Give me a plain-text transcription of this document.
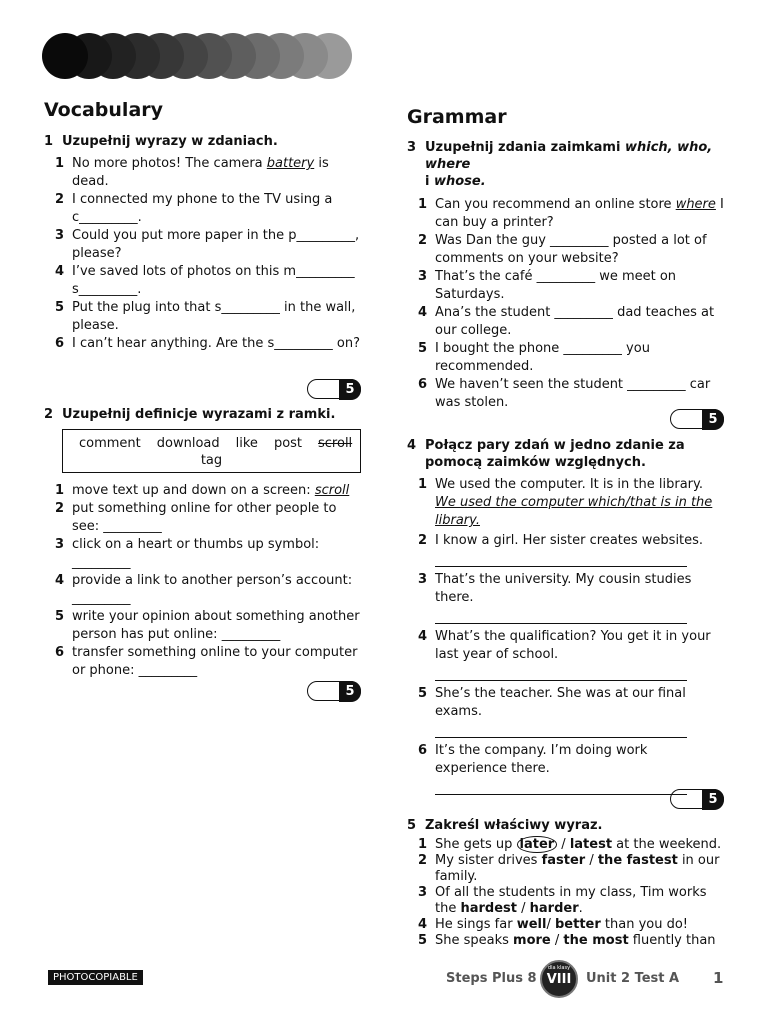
Vocabulary
1 Uzupełnij wyrazy w zdaniach.
1 No more photos! The camera battery is dead.
2 I connected my phone to the TV using a c_________.
3 Could you put more paper in the p_________, please?
4 I’ve saved lots of photos on this m_________ s_________.
5 Put the plug into that s_________ in the wall, please.
6 I can’t hear anything. Are the s_________ on?
5
2 Uzupełnij definicje wyrazami z ramki.
comment download like post scroll
tag
1 move text up and down on a screen: scroll
2 put something online for other people to see: _________
3 click on a heart or thumbs up symbol: _________
4 provide a link to another person’s account: _________
5 write your opinion about something another person has put online: _________
6 transfer something online to your computer or phone: _________
5
Grammar
3 Uzupełnij zdania zaimkami which, who, where
i whose.
1 Can you recommend an online store where I can buy a printer?
2 Was Dan the guy _________ posted a lot of comments on your website?
3 That’s the café _________ we meet on Saturdays.
4 Ana’s the student _________ dad teaches at our college.
5 I bought the phone _________ you recommended.
6 We haven’t seen the student _________ car was stolen.
5
4 Połącz pary zdań w jedno zdanie za pomocą zaimków względnych.
1 We used the computer. It is in the library.
We used the computer which/that is in the library.
2 I know a girl. Her sister creates websites.

3 That’s the university. My cousin studies there.

4 What’s the qualification? You get it in your last year of school.

5 She’s the teacher. She was at our final exams.

6 It’s the company. I’m doing work experience there.

5
5 Zakreśl właściwy wyraz.
1 She gets up later / latest at the weekend.
2 My sister drives faster / the fastest in our family.
3 Of all the students in my class, Tim works the hardest / harder.
4 He sings far well/ better than you do!
5 She speaks more / the most fluently than
PHOTOCOPIABLE	Steps Plus 8
dla klasy
VIII	Unit 2 Test A 1
